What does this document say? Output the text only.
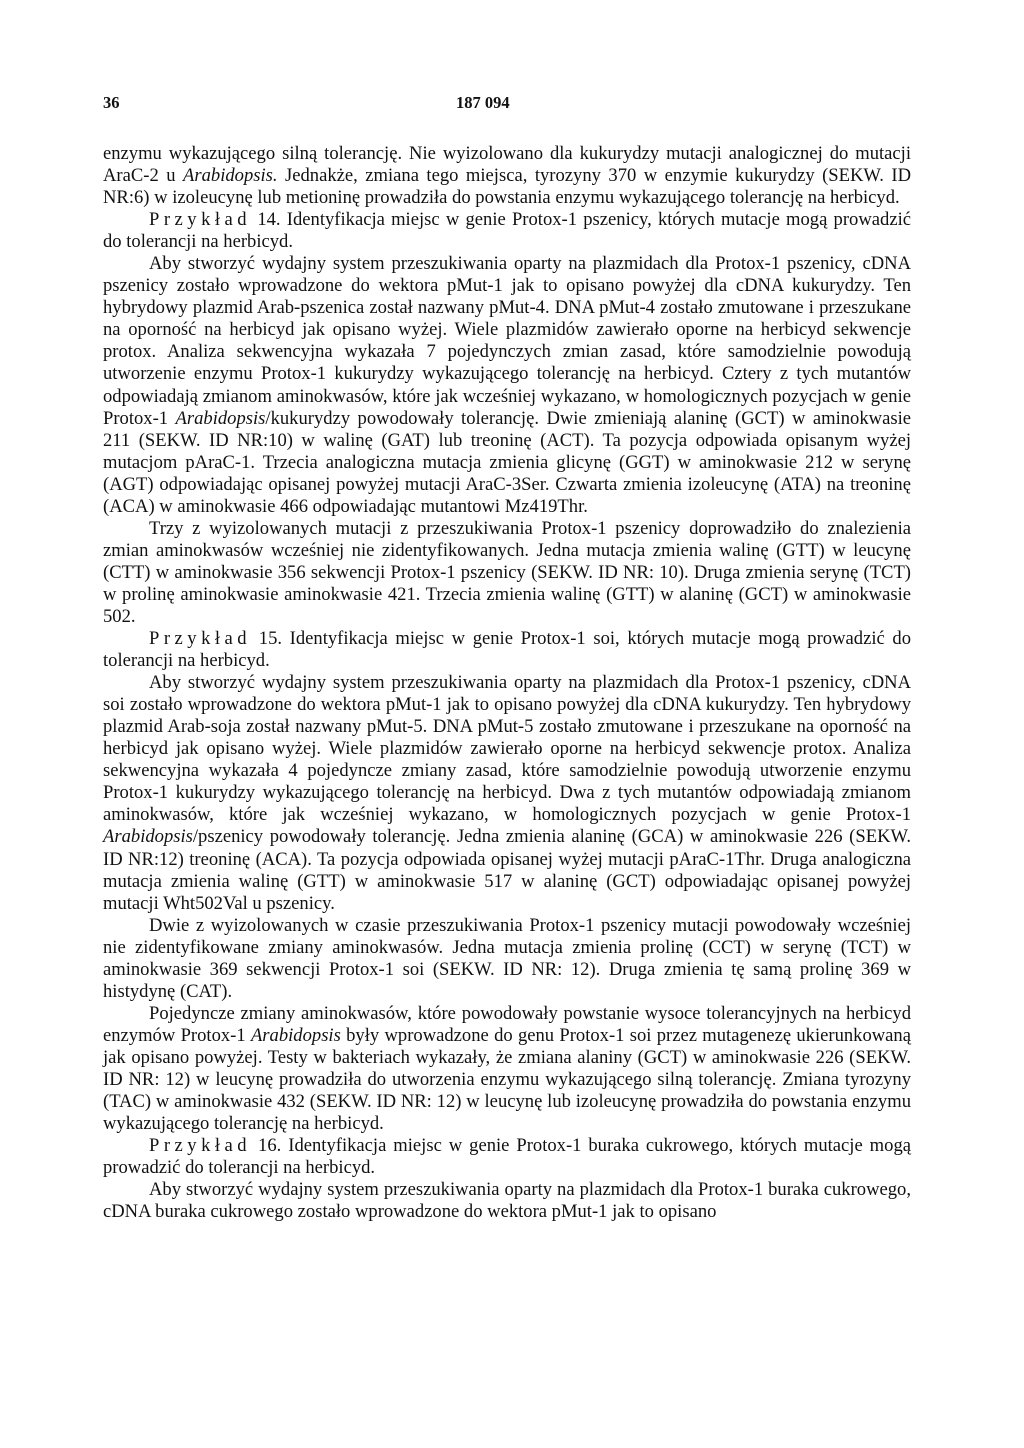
36	187 094

enzymu wykazującego silną tolerancję. Nie wyizolowano dla kukurydzy mutacji analogicznej do mutacji AraC-2 u Arabidopsis. Jednakże, zmiana tego miejsca, tyrozyny 370 w enzymie kukurydzy (SEKW. ID NR:6) w izoleucynę lub metioninę prowadziła do powstania enzymu wykazującego tolerancję na herbicyd.

Przykład 14. Identyfikacja miejsc w genie Protox-1 pszenicy, których mutacje mogą prowadzić do tolerancji na herbicyd.

Aby stworzyć wydajny system przeszukiwania oparty na plazmidach dla Protox-1 pszenicy, cDNA pszenicy zostało wprowadzone do wektora pMut-1 jak to opisano powyżej dla cDNA kukurydzy. Ten hybrydowy plazmid Arab-pszenica został nazwany pMut-4. DNA pMut-4 zostało zmutowane i przeszukane na oporność na herbicyd jak opisano wyżej. Wiele plazmidów zawierało oporne na herbicyd sekwencje protox. Analiza sekwencyjna wykazała 7 pojedynczych zmian zasad, które samodzielnie powodują utworzenie enzymu Protox-1 kukurydzy wykazującego tolerancję na herbicyd. Cztery z tych mutantów odpowiadają zmianom aminokwasów, które jak wcześniej wykazano, w homologicznych pozycjach w genie Protox-1 Arabidopsis/kukurydzy powodowały tolerancję. Dwie zmieniają alaninę (GCT) w aminokwasie 211 (SEKW. ID NR:10) w walinę (GAT) lub treoninę (ACT). Ta pozycja odpowiada opisanym wyżej mutacjom pAraC-1. Trzecia analogiczna mutacja zmienia glicynę (GGT) w aminokwasie 212 w serynę (AGT) odpowiadając opisanej powyżej mutacji AraC-3Ser. Czwarta zmienia izoleucynę (ATA) na treoninę (ACA) w aminokwasie 466 odpowiadając mutantowi Mz419Thr.

Trzy z wyizolowanych mutacji z przeszukiwania Protox-1 pszenicy doprowadziło do znalezienia zmian aminokwasów wcześniej nie zidentyfikowanych. Jedna mutacja zmienia walinę (GTT) w leucynę (CTT) w aminokwasie 356 sekwencji Protox-1 pszenicy (SEKW. ID NR: 10). Druga zmienia serynę (TCT) w prolinę aminokwasie aminokwasie 421. Trzecia zmienia walinę (GTT) w alaninę (GCT) w aminokwasie 502.

Przykład 15. Identyfikacja miejsc w genie Protox-1 soi, których mutacje mogą prowadzić do tolerancji na herbicyd.

Aby stworzyć wydajny system przeszukiwania oparty na plazmidach dla Protox-1 pszenicy, cDNA soi zostało wprowadzone do wektora pMut-1 jak to opisano powyżej dla cDNA kukurydzy. Ten hybrydowy plazmid Arab-soja został nazwany pMut-5. DNA pMut-5 zostało zmutowane i przeszukane na oporność na herbicyd jak opisano wyżej. Wiele plazmidów zawierało oporne na herbicyd sekwencje protox. Analiza sekwencyjna wykazała 4 pojedyncze zmiany zasad, które samodzielnie powodują utworzenie enzymu Protox-1 kukurydzy wykazującego tolerancję na herbicyd. Dwa z tych mutantów odpowiadają zmianom aminokwasów, które jak wcześniej wykazano, w homologicznych pozycjach w genie Protox-1 Arabidopsis/pszenicy powodowały tolerancję. Jedna zmienia alaninę (GCA) w aminokwasie 226 (SEKW. ID NR:12) treoninę (ACA). Ta pozycja odpowiada opisanej wyżej mutacji pAraC-1Thr. Druga analogiczna mutacja zmienia walinę (GTT) w aminokwasie 517 w alaninę (GCT) odpowiadając opisanej powyżej mutacji Wht502Val u pszenicy.

Dwie z wyizolowanych w czasie przeszukiwania Protox-1 pszenicy mutacji powodowały wcześniej nie zidentyfikowane zmiany aminokwasów. Jedna mutacja zmienia prolinę (CCT) w serynę (TCT) w aminokwasie 369 sekwencji Protox-1 soi (SEKW. ID NR: 12). Druga zmienia tę samą prolinę 369 w histydynę (CAT).

Pojedyncze zmiany aminokwasów, które powodowały powstanie wysoce tolerancyjnych na herbicyd enzymów Protox-1 Arabidopsis były wprowadzone do genu Protox-1 soi przez mutagenezę ukierunkowaną jak opisano powyżej. Testy w bakteriach wykazały, że zmiana alaniny (GCT) w aminokwasie 226 (SEKW. ID NR: 12) w leucynę prowadziła do utworzenia enzymu wykazującego silną tolerancję. Zmiana tyrozyny (TAC) w aminokwasie 432 (SEKW. ID NR: 12) w leucynę lub izoleucynę prowadziła do powstania enzymu wykazującego tolerancję na herbicyd.

Przykład 16. Identyfikacja miejsc w genie Protox-1 buraka cukrowego, których mutacje mogą prowadzić do tolerancji na herbicyd.

Aby stworzyć wydajny system przeszukiwania oparty na plazmidach dla Protox-1 buraka cukrowego, cDNA buraka cukrowego zostało wprowadzone do wektora pMut-1 jak to opisano
